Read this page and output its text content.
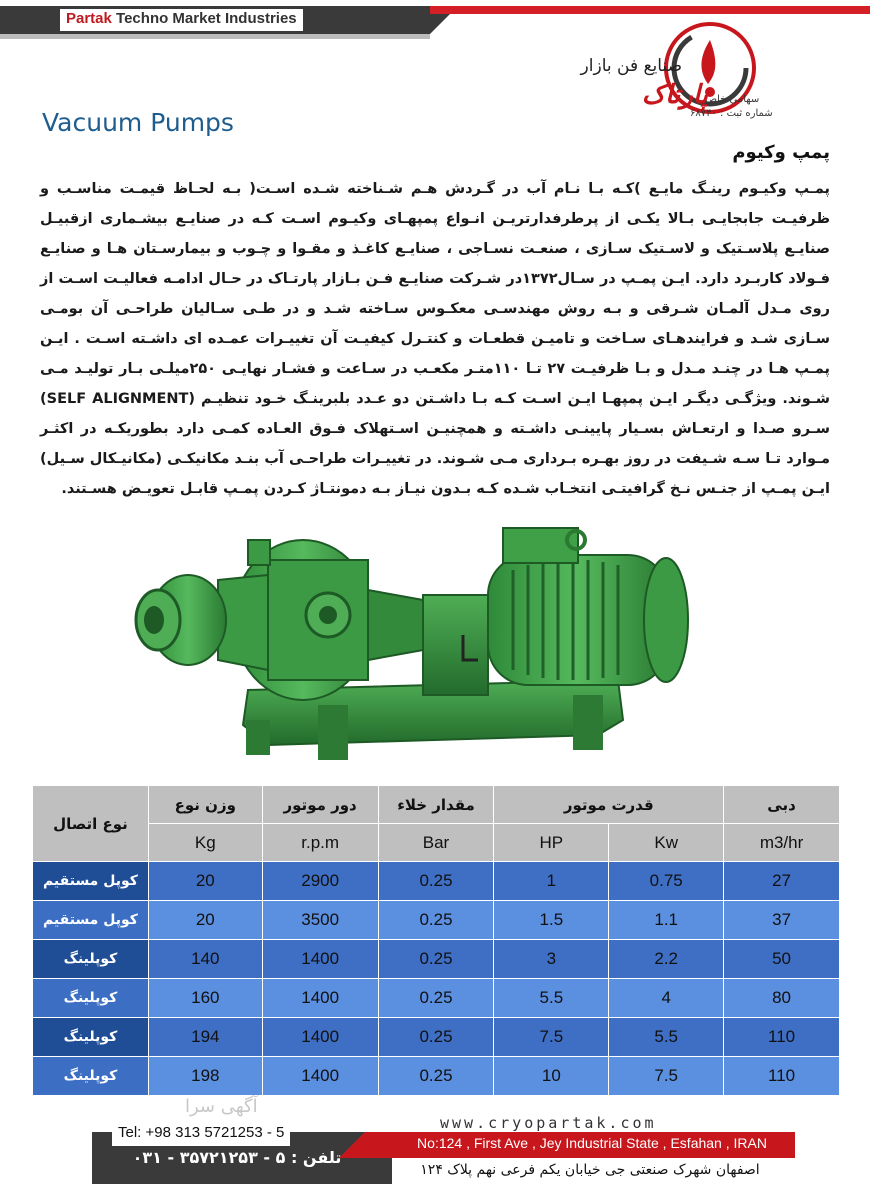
Partak Techno Market Industries
صنایع فن بازار
پارتاک
سهامی خاص
شماره ثبت : ۶۸۷۴۰
Vacuum Pumps
پمپ وکیوم
پمـپ وکیـوم رینـگ مایـع )کـه بـا نـام آب در گـردش هـم شـناخته شـده اسـت( بـه لحـاظ قیمـت مناسـب و ظرفیـت جابجایـی بـالا یکـی از پرطرفدارتریـن انـواع پمپهـای وکیـوم اسـت کـه در صنایـع بیشـماری ازقبیـل صنایـع پلاسـتیک و لاسـتیک سـازی ، صنعـت نسـاجی ، صنایـع کاغـذ و مقـوا و چـوب و بیمارسـتان هـا و صنایـع فـولاد کاربـرد دارد. ایـن پمـپ در سـال۱۳۷۲در شـرکت صنایـع فـن بـازار پارتـاک در حـال ادامـه فعالیـت اسـت از روی مـدل آلمـان شـرقی و بـه روش مهندسـی معکـوس سـاخته شـد و در طـی سـالیان طراحـی آن بومـی سـازی شـد و فرایندهـای سـاخت و تامیـن قطعـات و کنتـرل کیفیـت آن تغییـرات عمـده ای داشـته اسـت . ایـن پمـپ هـا در چنـد مـدل و بـا ظرفیـت ۲۷ تـا ۱۱۰متـر مکعـب در سـاعت و فشـار نهایـی ۲۵۰میلـی بـار تولیـد مـی شـوند. ویژگـی دیگـر ایـن پمپهـا ایـن اسـت کـه بـا داشـتن دو عـدد بلبرینـگ خـود تنظیـم (SELF ALIGNMENT) سـرو صـدا و ارتعـاش بسـیار پایینـی داشـته و همچنیـن اسـتهلاک فـوق العـاده کمـی دارد بطوریکـه در اکثـر مـوارد تـا سـه شـیفت در روز بهـره بـرداری مـی شـوند. در تغییـرات طراحـی آب بنـد مکانیکـی (مکانیـکال سـیل) ایـن پمـپ از جنـس نـخ گرافیتـی انتخـاب شـده کـه بـدون نیـاز بـه دمونتـاژ کـردن پمـپ قابـل تعویـض هسـتند.
نوع اتصال	وزن نوع	دور موتور	مقدار خلاء	قدرت موتور		دبی
	Kg	r.p.m	Bar	HP	Kw	m3/hr
کوپل مستقیم	20	2900	0.25	1	0.75	27
کوپل مستقیم	20	3500	0.25	1.5	1.1	37
کوپلینگ	140	1400	0.25	3	2.2	50
کوپلینگ	160	1400	0.25	5.5	4	80
کوپلینگ	194	1400	0.25	7.5	5.5	110
کوپلینگ	198	1400	0.25	10	7.5	110
آگهی سرا
www.cryopartak.com
Tel: +98 313 5721253 - 5
تلفن : ۵ - ۳۵۷۲۱۲۵۳ - ۰۳۱
No:124 , First Ave , Jey Industrial State , Esfahan , IRAN
اصفهان شهرک صنعتی جی خیابان یکم فرعی نهم پلاک ۱۲۴
